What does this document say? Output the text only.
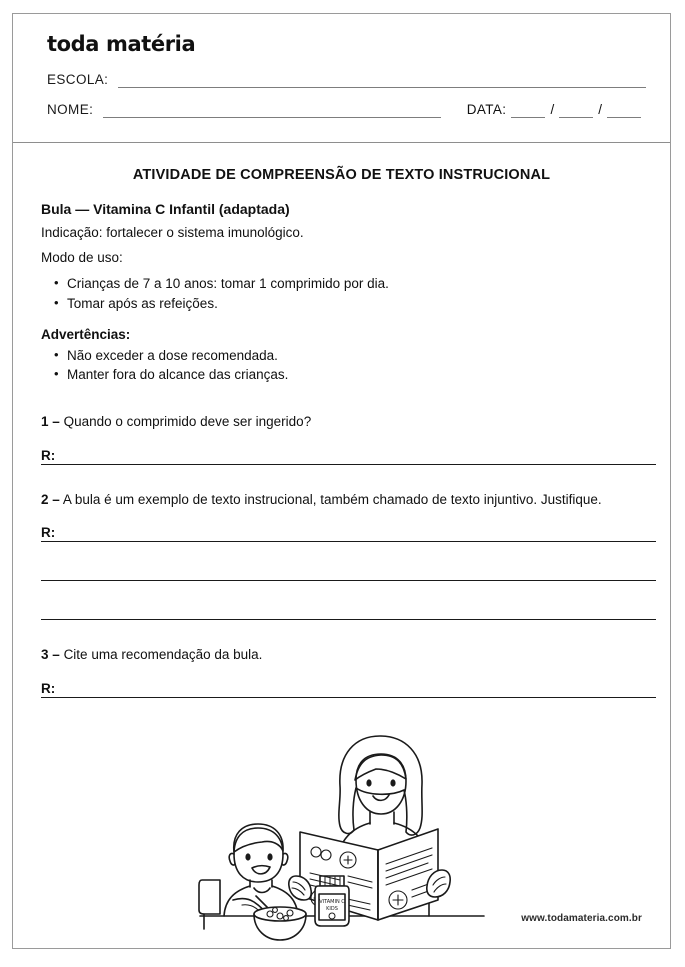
toda matéria
ESCOLA:
NOME:	DATA:	/	/
ATIVIDADE DE COMPREENSÃO DE TEXTO INSTRUCIONAL
Bula — Vitamina C Infantil (adaptada)
Indicação: fortalecer o sistema imunológico.
Modo de uso:
• Crianças de 7 a 10 anos: tomar 1 comprimido por dia.
• Tomar após as refeições.
Advertências:
• Não exceder a dose recomendada.
• Manter fora do alcance das crianças.
1 – Quando o comprimido deve ser ingerido?
R:
2 – A bula é um exemplo de texto instrucional, também chamado de texto injuntivo. Justifique.
R:
3 – Cite uma recomendação da bula.
R:
VITAMIN C
KIDS
www.todamateria.com.br
